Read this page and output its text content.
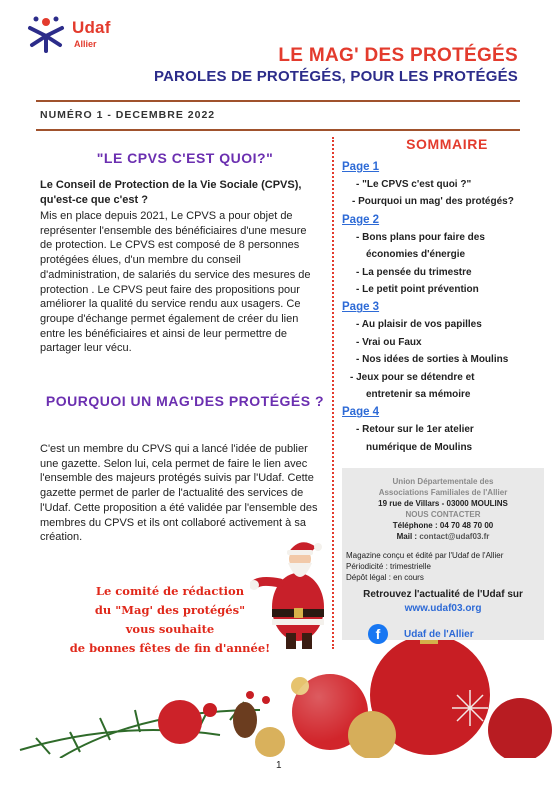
Udaf
Allier
LE MAG' DES PROTÉGÉS
PAROLES DE PROTÉGÉS, POUR LES PROTÉGÉS
NUMÉRO 1 - DECEMBRE 2022
"LE CPVS C'EST QUOI?"
Le Conseil de Protection de la Vie Sociale (CPVS), qu'est-ce que c'est ?
Mis en place depuis 2021, Le CPVS a pour objet de représenter l'ensemble des bénéficiaires d'une mesure de protection. Le CPVS est composé de 8 personnes protégées élues, d'un membre du conseil d'administration, de salariés du service des mesures de protection . Le CPVS peut faire des propositions pour améliorer la qualité du service rendu aux usagers. Ce groupe d'échange permet également de créer du lien entre les bénéficiaires et ainsi de leur permettre de partager leur vécu.
POURQUOI UN MAG'DES PROTÉGÉS ?
C'est un membre du CPVS qui a lancé l'idée de publier une gazette. Selon lui, cela permet de faire le lien avec l'ensemble des majeurs protégés suivis par l'Udaf. Cette gazette permet de parler de l'actualité des services de l'Udaf. Cette proposition a été validée par l'ensemble des membres du CPVS et ils ont collaboré activement à sa création.
Le comité de rédaction
du "Mag' des protégés"
vous souhaite
de bonnes fêtes de fin d'année!
SOMMAIRE
Page 1
- "Le CPVS c'est quoi ?"
- Pourquoi un mag' des protégés?
Page 2
- Bons plans pour faire des
économies d'énergie
- La pensée du trimestre
- Le petit point prévention
Page 3
- Au plaisir de vos papilles
- Vrai ou Faux
- Nos idées de sorties à Moulins
- Jeux pour se détendre et
entretenir sa mémoire
Page 4
- Retour sur le 1er atelier
numérique de Moulins
Union Départementale des
Associations Familiales de l'Allier
19 rue de Villars - 03000 MOULINS
NOUS CONTACTER
Téléphone : 04 70 48 70 00
Mail : contact@udaf03.fr
Magazine conçu et édité par l'Udaf de l'Allier
Périodicité : trimestrielle
Dépôt légal : en cours
Retrouvez l'actualité de l'Udaf sur
www.udaf03.org
f	Udaf de l'Allier
1
